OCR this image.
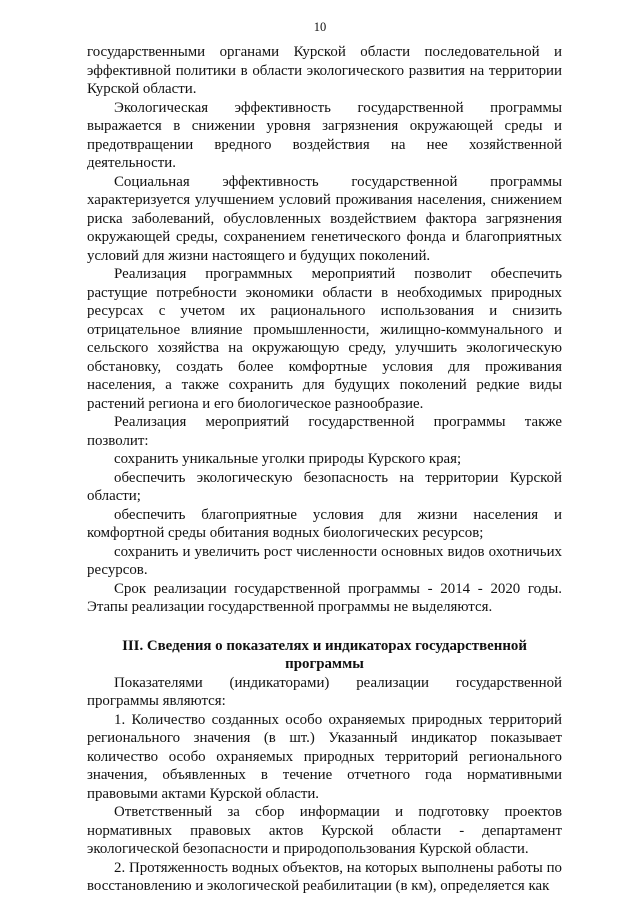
10

государственными органами Курской области последовательной и эффективной политики в области экологического развития на территории Курской области.

Экологическая эффективность государственной программы выражается в снижении уровня загрязнения окружающей среды и предотвращении вредного воздействия на нее хозяйственной деятельности.

Социальная эффективность государственной программы характеризуется улучшением условий проживания населения, снижением риска заболеваний, обусловленных воздействием фактора загрязнения окружающей среды, сохранением генетического фонда и благоприятных условий для жизни настоящего и будущих поколений.

Реализация программных мероприятий позволит обеспечить растущие потребности экономики области в необходимых природных ресурсах с учетом их рационального использования и снизить отрицательное влияние промышленности, жилищно-коммунального и сельского хозяйства на окружающую среду, улучшить экологическую обстановку, создать более комфортные условия для проживания населения, а также сохранить для будущих поколений редкие виды растений региона и его биологическое разнообразие.

Реализация мероприятий государственной программы также позволит:

сохранить уникальные уголки природы Курского края;

обеспечить экологическую безопасность на территории Курской области;

обеспечить благоприятные условия для жизни населения и комфортной среды обитания водных биологических ресурсов;

сохранить и увеличить рост численности основных видов охотничьих ресурсов.

Срок реализации государственной программы - 2014 - 2020 годы. Этапы реализации государственной программы не выделяются.

III. Сведения о показателях и индикаторах государственной программы

Показателями (индикаторами) реализации государственной программы являются:

1. Количество созданных особо охраняемых природных территорий регионального значения (в шт.) Указанный индикатор показывает количество особо охраняемых природных территорий регионального значения, объявленных в течение отчетного года нормативными правовыми актами Курской области.

Ответственный за сбор информации и подготовку проектов нормативных правовых актов Курской области - департамент экологической безопасности и природопользования Курской области.

2. Протяженность водных объектов, на которых выполнены работы по восстановлению и экологической реабилитации (в км), определяется как
